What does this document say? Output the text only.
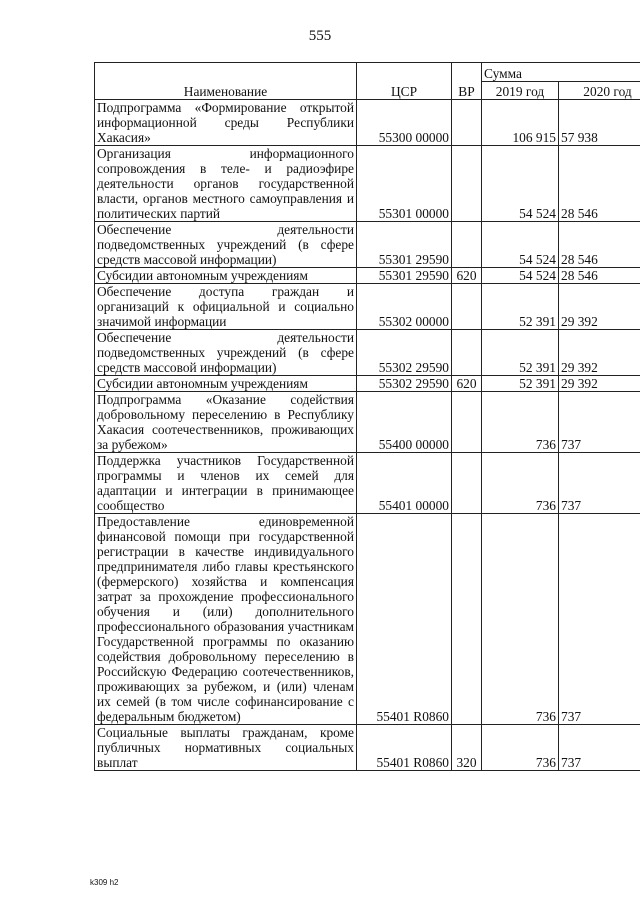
555
Наименование	ЦСР	ВР	Сумма	
			2019 год	2020 год
Подпрограмма «Формирование открытой информационной среды Республики Хакасия»	55300 00000		106 915	57 938
Организация информационного сопровождения в теле- и радиоэфире деятельности органов государственной власти, органов местного самоуправления и политических партий	55301 00000		54 524	28 546
Обеспечение деятельности подведомственных учреждений (в сфере средств массовой информации)	55301 29590		54 524	28 546
Субсидии автономным учреждениям	55301 29590	620	54 524	28 546
Обеспечение доступа граждан и организаций к официальной и социально значимой информации	55302 00000		52 391	29 392
Обеспечение деятельности подведомственных учреждений (в сфере средств массовой информации)	55302 29590		52 391	29 392
Субсидии автономным учреждениям	55302 29590	620	52 391	29 392
Подпрограмма «Оказание содействия добровольному переселению в Республику Хакасия соотечественников, проживающих за рубежом»	55400 00000		736	737
Поддержка участников Государственной программы и членов их семей для адаптации и интеграции в принимающее сообщество	55401 00000		736	737
Предоставление единовременной финансовой помощи при государственной регистрации в качестве индивидуального предпринимателя либо главы крестьянского (фермерского) хозяйства и компенсация затрат за прохождение профессионального обучения и (или) дополнительного профессионального образования участникам Государственной программы по оказанию содействия добровольному переселению в Российскую Федерацию соотечественников, проживающих за рубежом, и (или) членам их семей (в том числе софинансирование с федеральным бюджетом)	55401 R0860		736	737
Социальные выплаты гражданам, кроме публичных нормативных социальных выплат	55401 R0860	320	736	737
k309 h2
